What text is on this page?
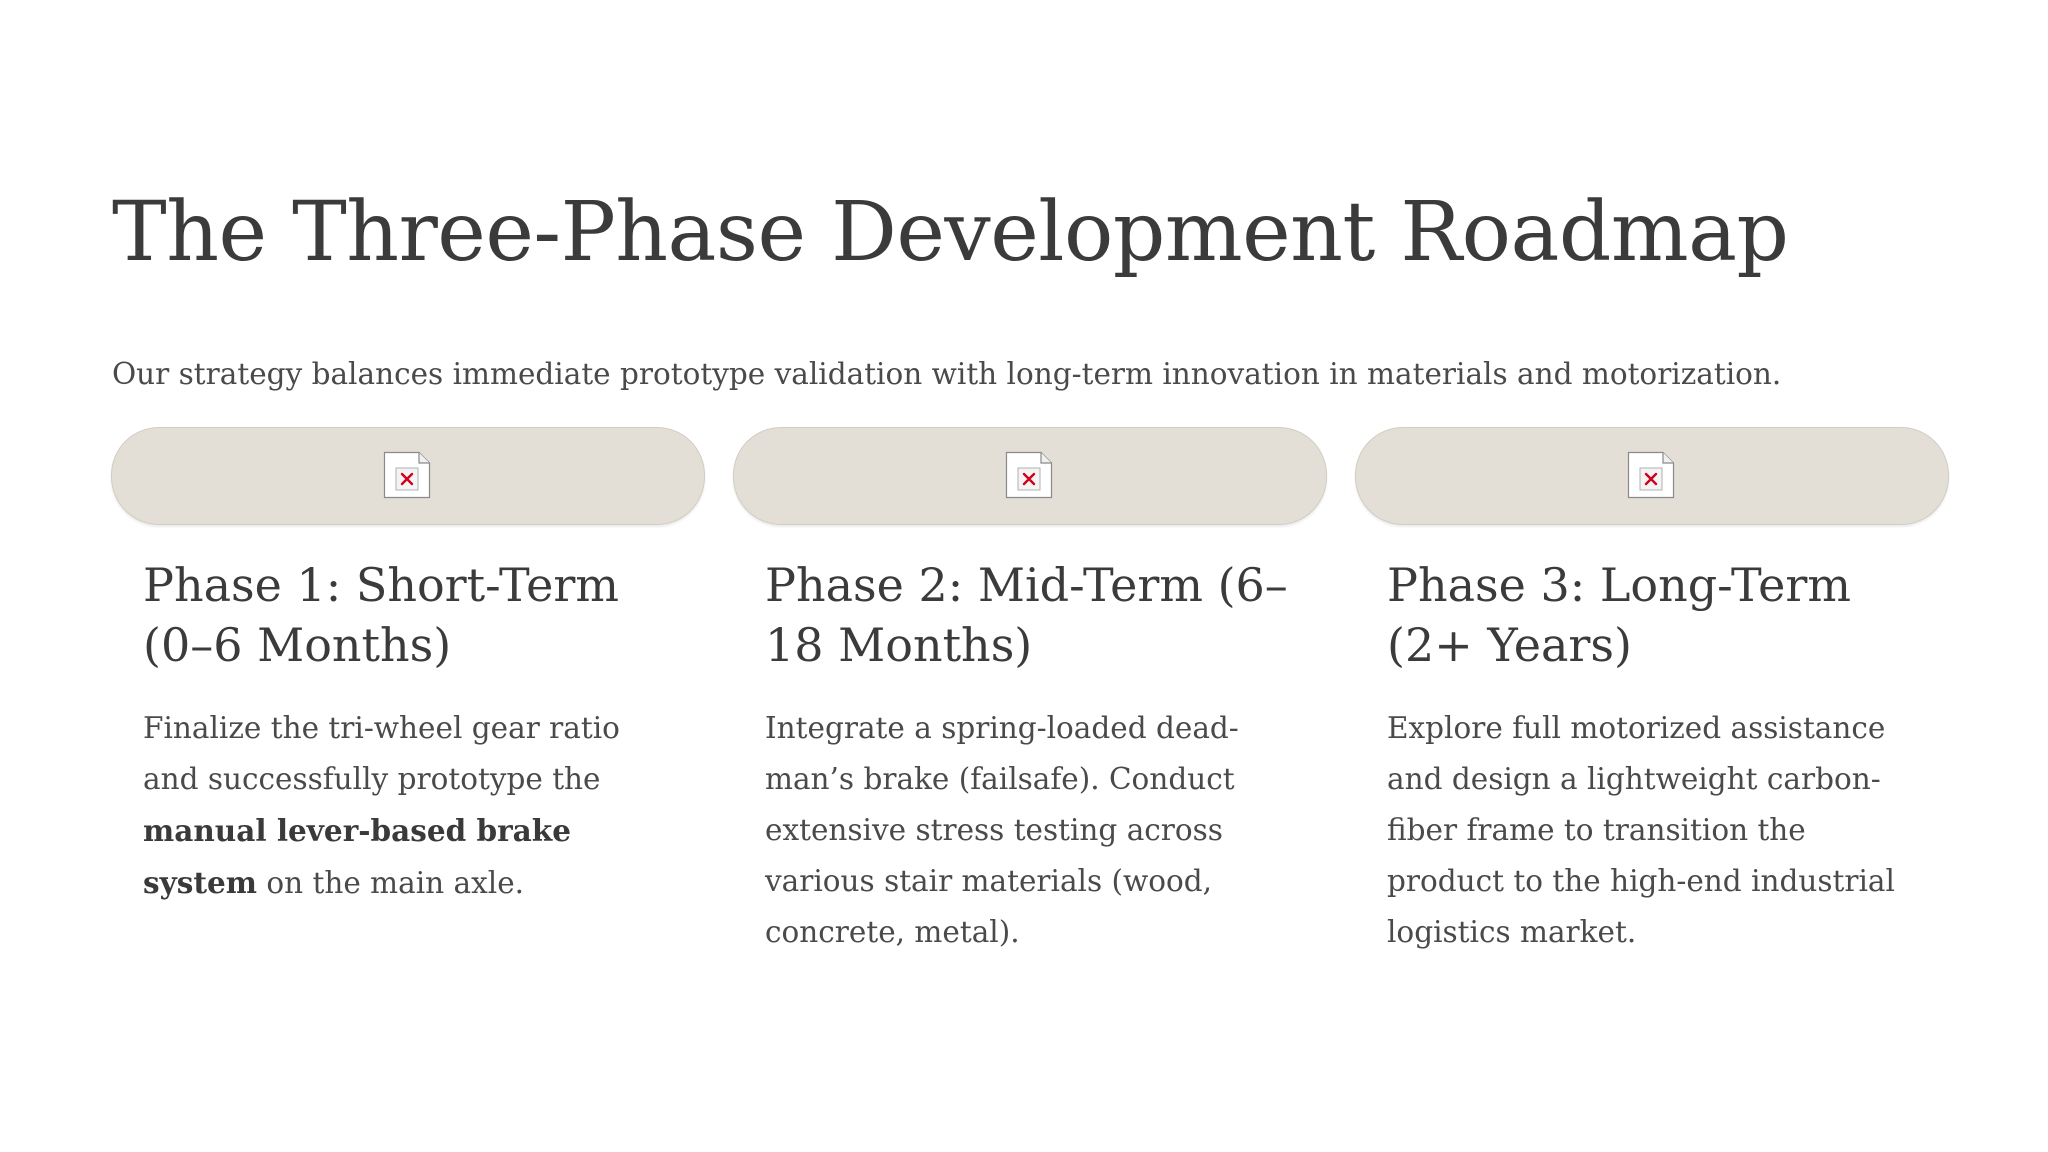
The Three-Phase Development Roadmap

Our strategy balances immediate prototype validation with long-term innovation in materials and motorization.

Phase 1: Short-Term (0–6 Months)

Finalize the tri-wheel gear ratio and successfully prototype the manual lever-based brake system on the main axle.

Phase 2: Mid-Term (6–18 Months)

Integrate a spring-loaded dead-man’s brake (failsafe). Conduct extensive stress testing across various stair materials (wood, concrete, metal).

Phase 3: Long-Term (2+ Years)

Explore full motorized assistance and design a lightweight carbon-fiber frame to transition the product to the high-end industrial logistics market.
